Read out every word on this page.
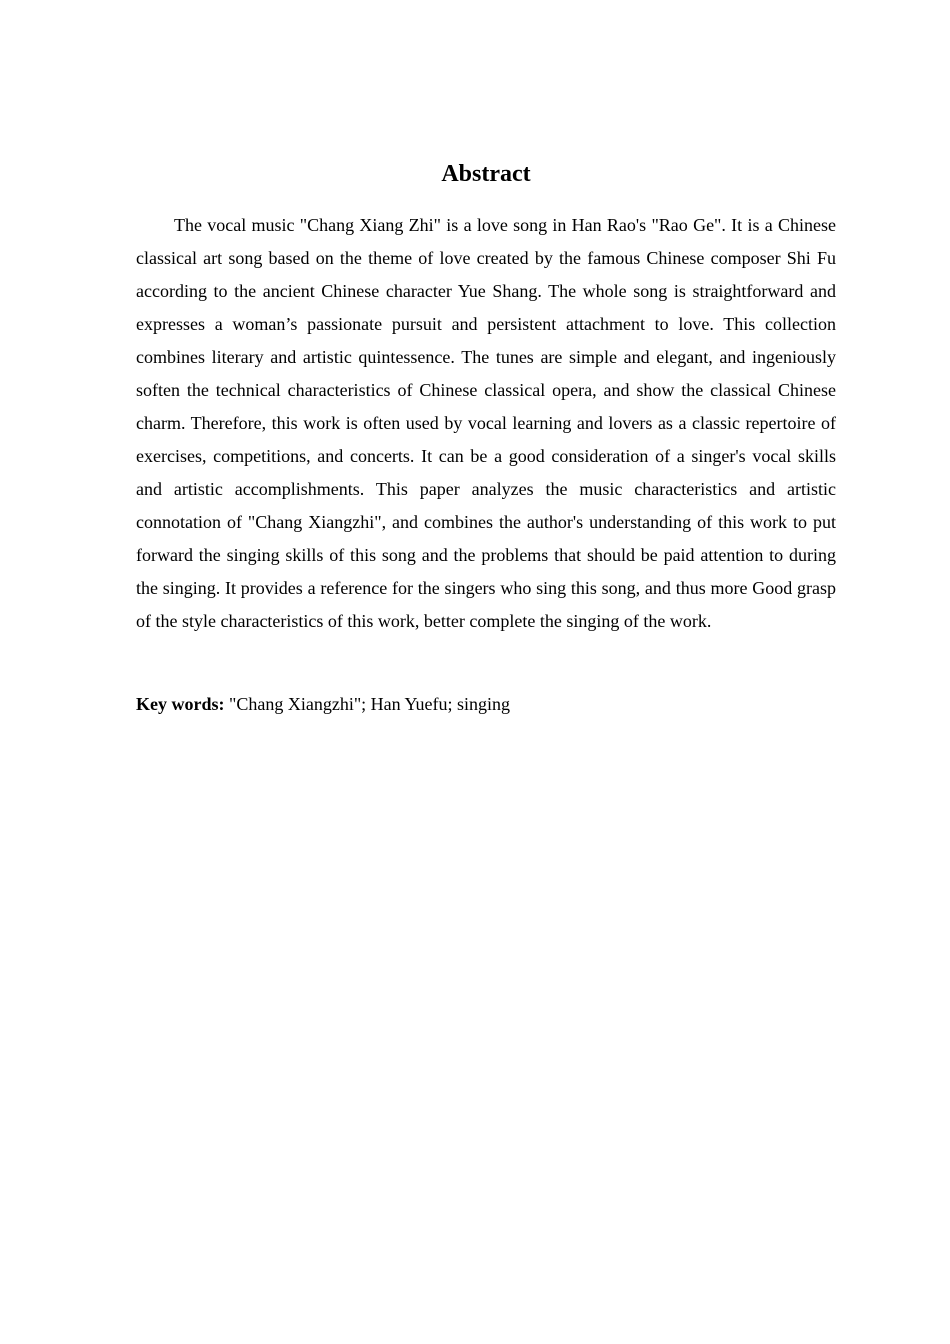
Abstract

The vocal music "Chang Xiang Zhi" is a love song in Han Rao's "Rao Ge". It is a Chinese classical art song based on the theme of love created by the famous Chinese composer Shi Fu according to the ancient Chinese character Yue Shang. The whole song is straightforward and expresses a woman’s passionate pursuit and persistent attachment to love. This collection combines literary and artistic quintessence. The tunes are simple and elegant, and ingeniously soften the technical characteristics of Chinese classical opera, and show the classical Chinese charm. Therefore, this work is often used by vocal learning and lovers as a classic repertoire of exercises, competitions, and concerts. It can be a good consideration of a singer's vocal skills and artistic accomplishments. This paper analyzes the music characteristics and artistic connotation of "Chang Xiangzhi", and combines the author's understanding of this work to put forward the singing skills of this song and the problems that should be paid attention to during the singing. It provides a reference for the singers who sing this song, and thus more Good grasp of the style characteristics of this work, better complete the singing of the work.

Key words: "Chang Xiangzhi"; Han Yuefu; singing
